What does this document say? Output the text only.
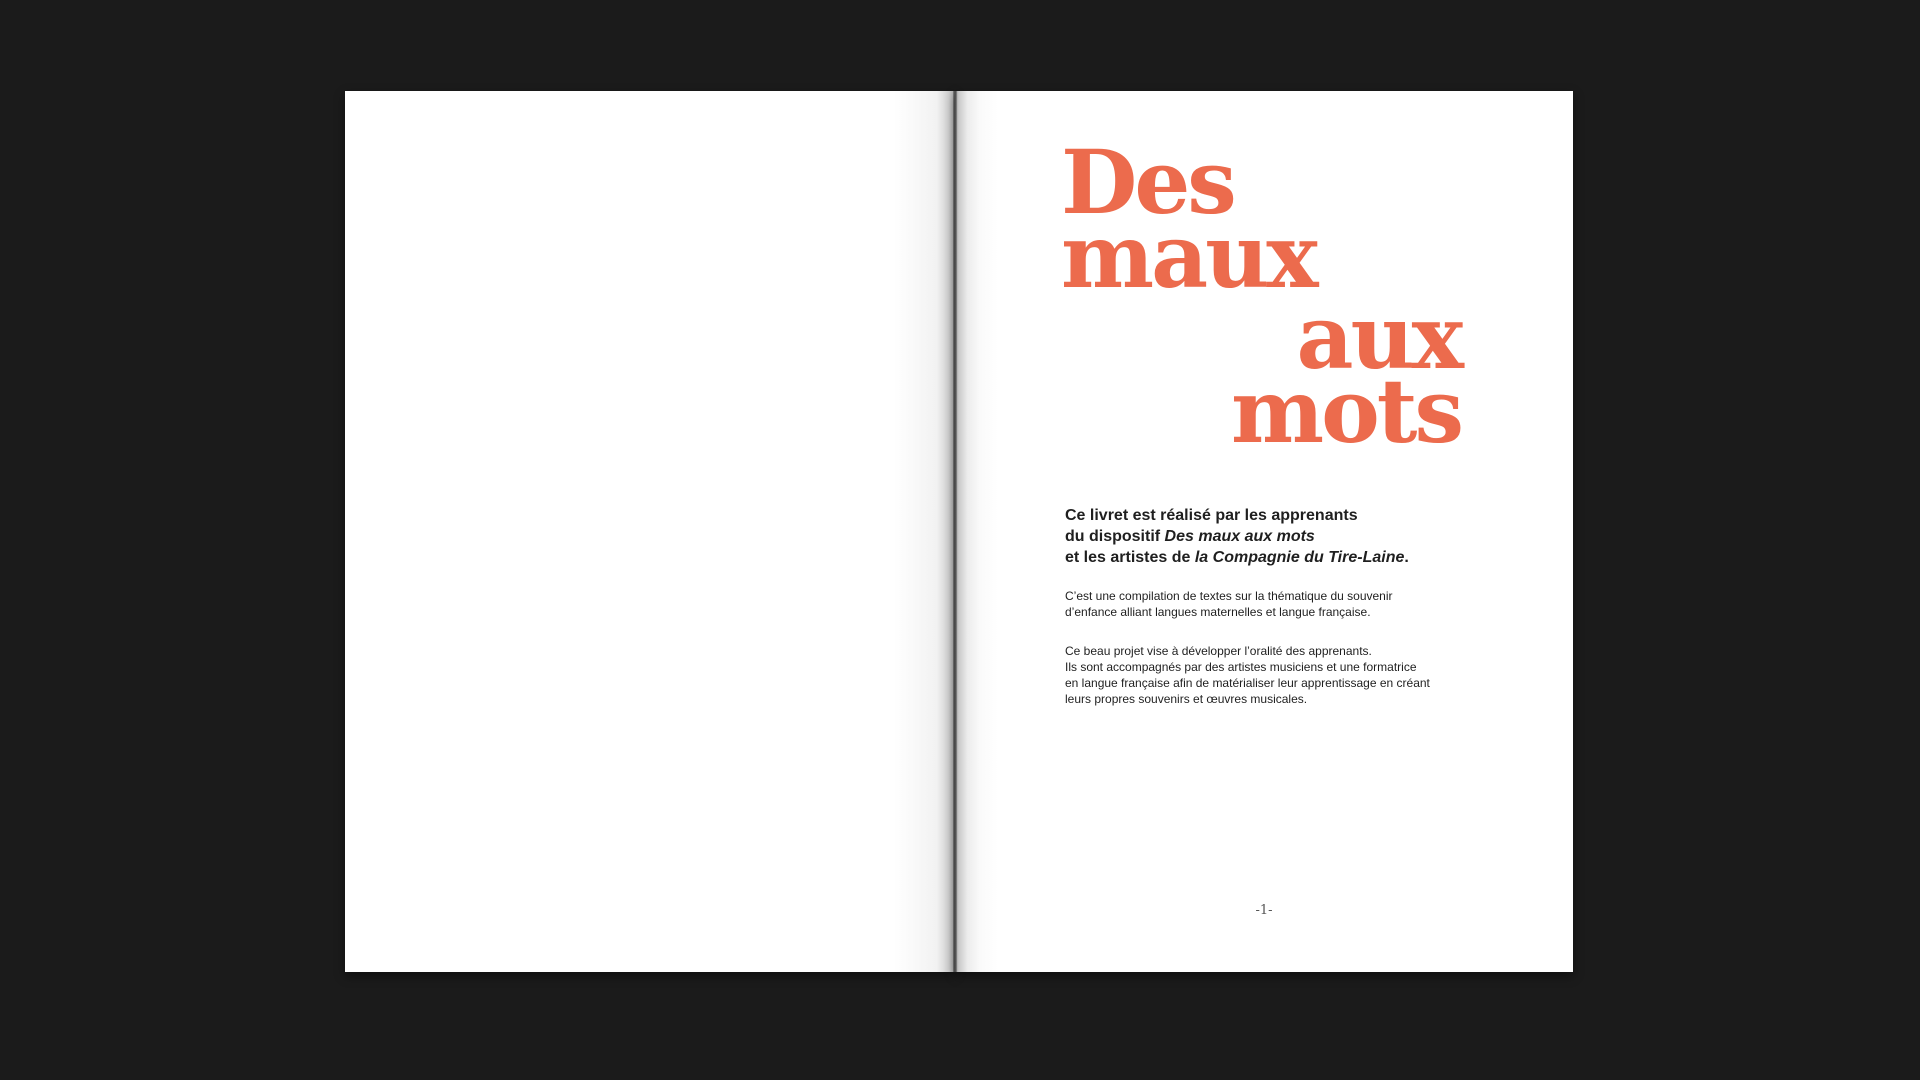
Des
maux
aux
mots
Ce livret est réalisé par les apprenants
du dispositif Des maux aux mots
et les artistes de la Compagnie du Tire-Laine.
C’est une compilation de textes sur la thématique du souvenir
d’enfance alliant langues maternelles et langue française.
Ce beau projet vise à développer l’oralité des apprenants.
Ils sont accompagnés par des artistes musiciens et une formatrice
en langue française afin de matérialiser leur apprentissage en créant
leurs propres souvenirs et œuvres musicales.
-1-
